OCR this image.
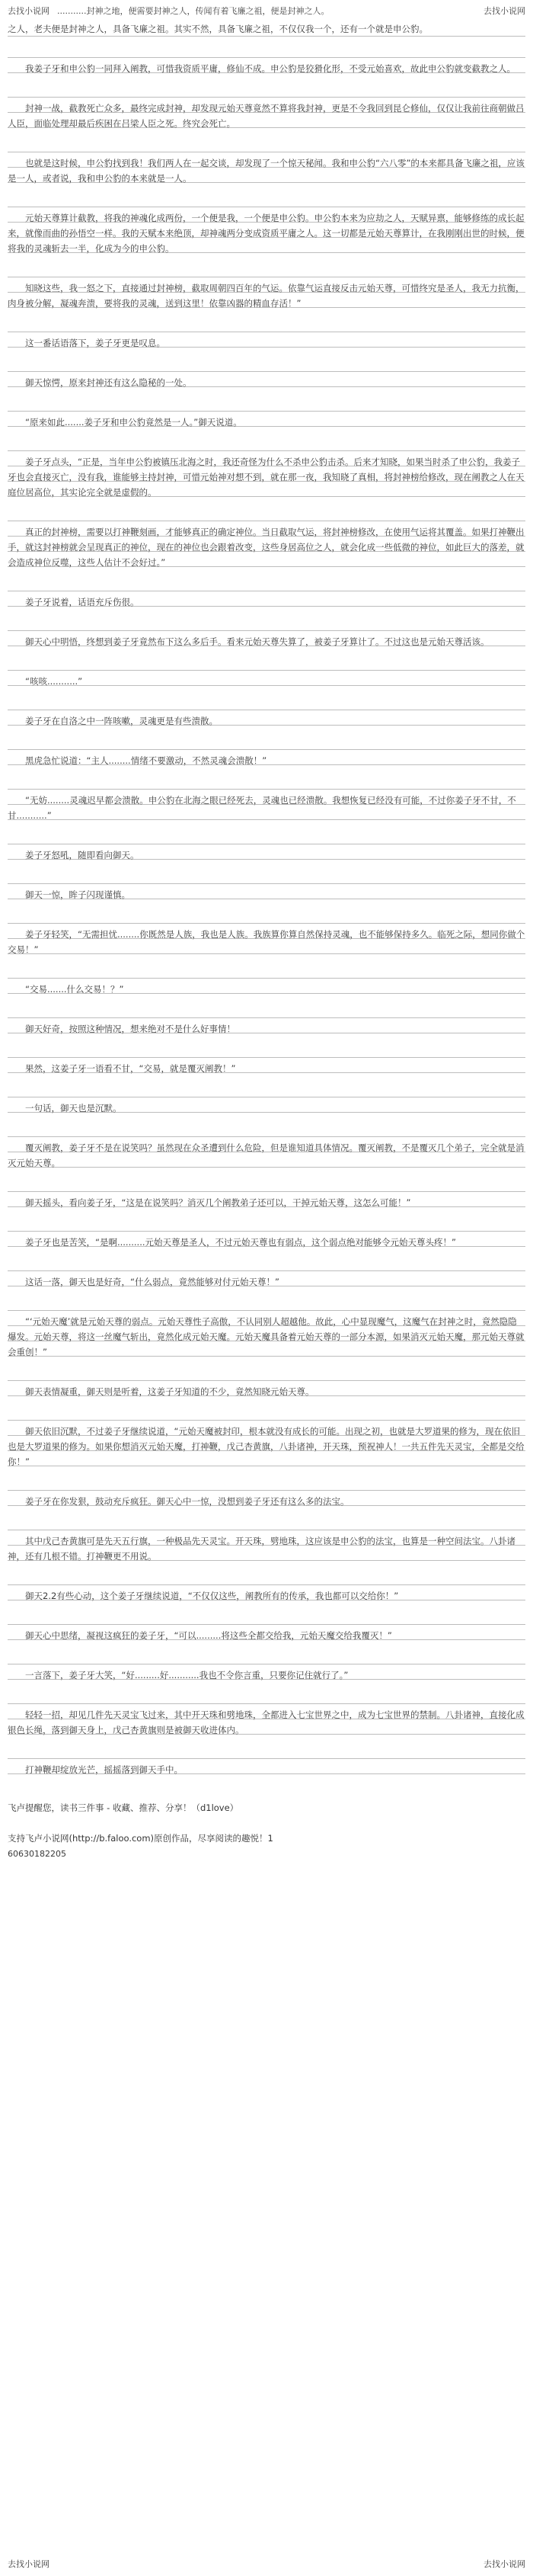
去找小说网 ...........封神之地，便需要封神之人，传闻有着飞廉之祖，便是封神之人。	去找小说网

之人，老夫便是封神之人，具备飞廉之祖。其实不然，具备飞廉之祖，不仅仅我一个，还有一个就是申公豹。

我姜子牙和申公豹一同拜入阐教，可惜我资质平庸，修仙不成。申公豹是狡猾化形，不受元始喜欢，故此申公豹就变截教之人。

封神一战，截教死亡众多，最终完成封神，却发现元始天尊竟然不算将我封神，更是不令我回到昆仑修仙，仅仅让我前往商朝做吕人臣，面临处理却最后疾困在吕梁人臣之死。终究会死亡。

也就是这时候，申公豹找到我！我们两人在一起交谈，却发现了一个惊天秘闻。我和申公豹“六八零”的本来都具备飞廉之祖，应该是一人，或者说，我和申公豹的本来就是一人。

元始天尊算计截教，将我的神魂化成两份，一个便是我，一个便是申公豹。申公豹本来为应劫之人，天赋异禀，能够修练的成长起来，就像而曲的孙悟空一样。我的天赋本来绝顶，却神魂两分变成资质平庸之人。这一切都是元始天尊算计，在我刚刚出世的时候，便将我的灵魂斩去一半，化成为今的申公豹。

知晓这些，我一怒之下，直接通过封神榜，截取周朝四百年的气运。依靠气运直接反击元始天尊，可惜终究是圣人，我无力抗衡，肉身被分解，凝魂奔溃，要将我的灵魂，送到这里！依靠凶器的精血存活！”

这一番话语落下，姜子牙更是叹息。

御天惊愕，原来封神还有这么隐秘的一处。

“原来如此.......姜子牙和申公豹竟然是一人。”御天说道。

姜子牙点头，“正是，当年申公豹被镇压北海之时，我还奇怪为什么不杀申公豹击杀。后来才知晓，如果当时杀了申公豹，我姜子牙也会直接灭亡，没有我，谁能够主持封神，可惜元始神对想不到，就在那一夜，我知晓了真相，将封神榜给修改，现在阐教之人在天庭位居高位，其实论完全就是虚假的。

真正的封神榜，需要以打神鞭刻画，才能够真正的确定神位。当日截取气运，将封神榜修改，在使用气运将其覆盖。如果打神鞭出手，就这封神榜就会呈现真正的神位，现在的神位也会跟着改变，这些身居高位之人，就会化成一些低微的神位，如此巨大的落差，就会造成神位反噬，这些人估计不会好过。”

姜子牙说着，话语充斥伤很。

御天心中明悟，终想到姜子牙竟然布下这么多后手。看来元始天尊失算了，被姜子牙算计了。不过这也是元始天尊活该。

“咳咳...........”

姜子牙在自洛之中一阵咳嗽，灵魂更是有些溃散。

黑虎急忙说道：“主人........情绪不要激动，不然灵魂会溃散！”

“无妨........灵魂迟早都会溃散。申公豹在北海之眼已经死去，灵魂也已经溃散。我想恢复已经没有可能，不过你姜子牙不甘，不甘...........”

姜子牙怒吼，随即看向御天。

御天一惊，眸子闪现谨慎。

姜子牙轻笑，“无需担忧........你既然是人族，我也是人族。我族算你算自然保持灵魂，也不能够保持多久。临死之际，想同你做个交易！”

“交易.......什么交易！？”

御天好奇，按照这种情况，想来绝对不是什么好事情！

果然，这姜子牙一语看不甘，“交易，就是覆灭阐教！”

一句话，御天也是沉默。

覆灭阐教，姜子牙不是在说笑吗？虽然现在众圣遭到什么危险，但是谁知道具体情况。覆灭阐教，不是覆灭几个弟子，完全就是消灭元始天尊。

御天摇头，看向姜子牙，“这是在说笑吗？消灭几个阐教弟子还可以，干掉元始天尊，这怎么可能！”

姜子牙也是苦笑，“是啊..........元始天尊是圣人，不过元始天尊也有弱点，这个弱点绝对能够令元始天尊头疼！”

这话一落，御天也是好奇，“什么弱点，竟然能够对付元始天尊！”

“‘元始天魔’就是元始天尊的弱点。元始天尊性子高傲，不认同别人超越他。故此，心中显现魔气，这魔气在封神之时，竟然隐隐爆发。元始天尊，将这一丝魔气斩出，竟然化成元始天魔。元始天魔具备着元始天尊的一部分本源，如果消灭元始天魔，那元始天尊就会重创！”

御天表情凝重，御天则是听着，这姜子牙知道的不少，竟然知晓元始天尊。

御天依旧沉默，不过姜子牙继续说道，“元始天魔被封印，根本就没有成长的可能。出现之初，也就是大罗道果的修为，现在依旧也是大罗道果的修为。如果你想消灭元始天魔，打神鞭，戊己杏黄旗，八卦诸神，开天珠，预祝神人！一共五件先天灵宝，全都是交给你！”

姜子牙在你发狠，鼓动充斥疯狂。御天心中一惊，没想到姜子牙还有这么多的法宝。

其中戊己杏黄旗可是先天五行旗，一种极品先天灵宝。开天珠，劈地珠，这应该是申公豹的法宝，也算是一种空间法宝。八卦诸神，还有几根不错。打神鞭更不用说。

御天2.2有些心动，这个姜子牙继续说道，“不仅仅这些，阐教所有的传承，我也都可以交给你！”

御天心中思绪，凝视这疯狂的姜子牙，“可以.........将这些全都交给我，元始天魔交给我覆灭！”

一言落下，姜子牙大笑，“好.........好...........我也不令你言重，只要你记住就行了。”

轻轻一招，却见几件先天灵宝飞过来，其中开天珠和劈地珠，全都进入七宝世界之中，成为七宝世界的禁制。八卦诸神，直接化成银色长绳，落到御天身上，戊己杏黄旗则是被御天收进体内。

打神鞭却绽放光芒，摇摇落到御天手中。

飞卢提醒您，读书三件事 - 收藏、推荐、分享！（d1love）
支持飞卢小说网(http://b.faloo.com)原创作品，尽享阅读的趣悦！1
60630182205
去找小说网	去找小说网
